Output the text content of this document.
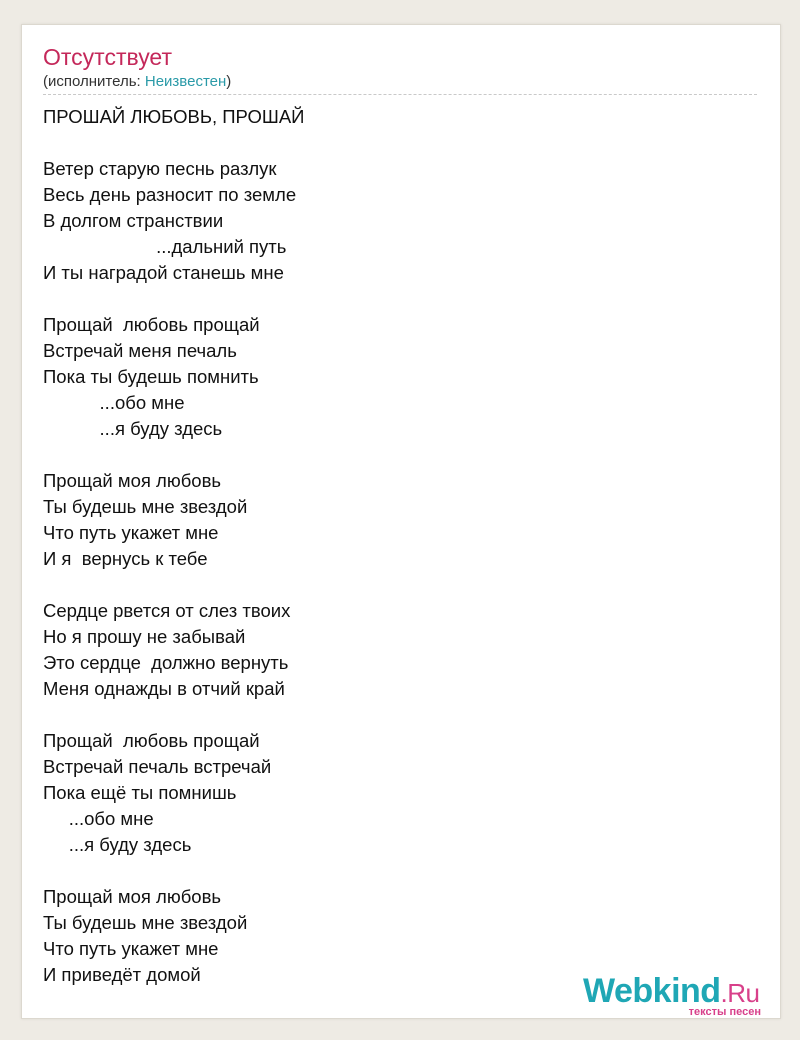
Отсутствует
(исполнитель: Неизвестен)
ПРОШАЙ ЛЮБОВЬ, ПРОШАЙ
Ветер старую песнь разлук
Весь день разносит по земле
В долгом странствии
...дальний путь
И ты наградой станешь мне
Прощай  любовь прощай
Встречай меня печаль
Пока ты будешь помнить
...обо мне
...я буду здесь
Прощай моя любовь
Ты будешь мне звездой
Что путь укажет мне
И я  вернусь к тебе
Сердце рвется от слез твоих
Но я прошу не забывай
Это сердце  должно вернуть
Меня однажды в отчий край
Прощай  любовь прощай
Встречай печаль встречай
Пока ещё ты помнишь
...обо мне
...я буду здесь
Прощай моя любовь
Ты будешь мне звездой
Что путь укажет мне
И приведёт домой	Webkind.Ru
тексты песен
